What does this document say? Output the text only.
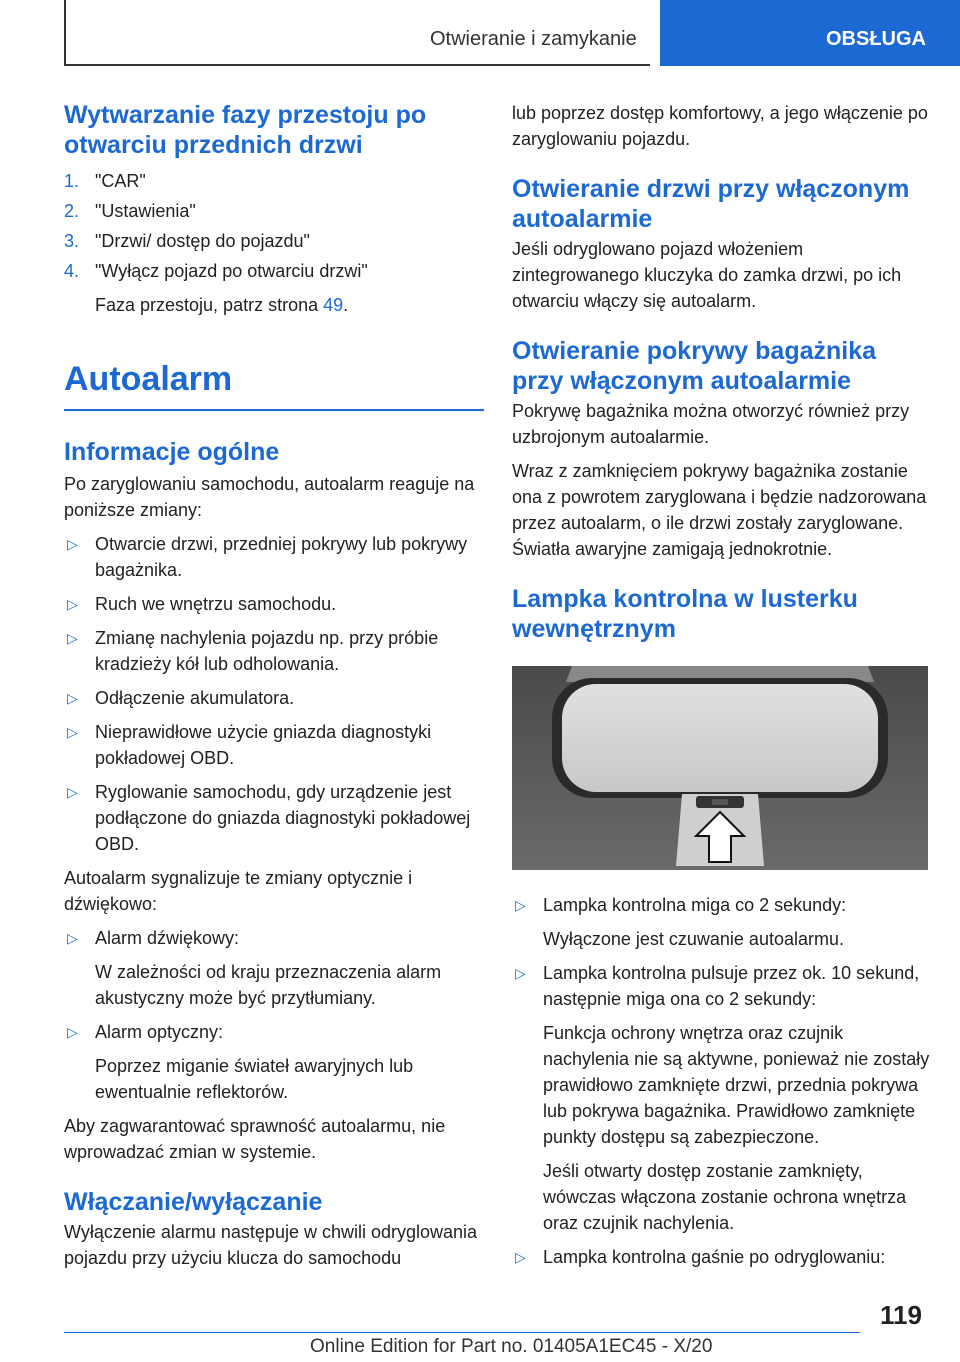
Otwieranie i zamykanie	OBSŁUGA
Wytwarzanie fazy przestoju po otwarciu przednich drzwi
1. "CAR"
2. "Ustawienia"
3. "Drzwi/ dostęp do pojazdu"
4. "Wyłącz pojazd po otwarciu drzwi"
Faza przestoju, patrz strona 49.
Autoalarm
Informacje ogólne

Po zaryglowaniu samochodu, autoalarm reaguje na poniższe zmiany:

▷ Otwarcie drzwi, przedniej pokrywy lub pokrywy bagażnika.
▷ Ruch we wnętrzu samochodu.
▷ Zmianę nachylenia pojazdu np. przy próbie kradzieży kół lub odholowania.
▷ Odłączenie akumulatora.
▷ Nieprawidłowe użycie gniazda diagnostyki pokładowej OBD.
▷ Ryglowanie samochodu, gdy urządzenie jest podłączone do gniazda diagnostyki pokładowej OBD.

Autoalarm sygnalizuje te zmiany optycznie i dźwiękowo:

▷ Alarm dźwiękowy:
W zależności od kraju przeznaczenia alarm akustyczny może być przytłumiany.
▷ Alarm optyczny:
Poprzez miganie świateł awaryjnych lub ewentualnie reflektorów.

Aby zagwarantować sprawność autoalarmu, nie wprowadzać zmian w systemie.

Włączanie/wyłączanie

Wyłączenie alarmu następuje w chwili odryglowania pojazdu przy użyciu klucza do samochodu

lub poprzez dostęp komfortowy, a jego włączenie po zaryglowaniu pojazdu.

Otwieranie drzwi przy włączonym autoalarmie

Jeśli odryglowano pojazd włożeniem zintegrowanego kluczyka do zamka drzwi, po ich otwarciu włączy się autoalarm.

Otwieranie pokrywy bagażnika przy włączonym autoalarmie

Pokrywę bagażnika można otworzyć również przy uzbrojonym autoalarmie.

Wraz z zamknięciem pokrywy bagażnika zostanie ona z powrotem zaryglowana i będzie nadzorowana przez autoalarm, o ile drzwi zostały zaryglowane. Światła awaryjne zamigają jednokrotnie.

Lampka kontrolna w lusterku wewnętrznym
▷ Lampka kontrolna miga co 2 sekundy:
Wyłączone jest czuwanie autoalarmu.
▷ Lampka kontrolna pulsuje przez ok. 10 sekund, następnie miga ona co 2 sekundy:
Funkcja ochrony wnętrza oraz czujnik nachylenia nie są aktywne, ponieważ nie zostały prawidłowo zamknięte drzwi, przednia pokrywa lub pokrywa bagażnika. Prawidłowo zamknięte punkty dostępu są zabezpieczone.
Jeśli otwarty dostęp zostanie zamknięty, wówczas włączona zostanie ochrona wnętrza oraz czujnik nachylenia.
▷ Lampka kontrolna gaśnie po odryglowaniu:
119
Online Edition for Part no. 01405A1EC45 - X/20
